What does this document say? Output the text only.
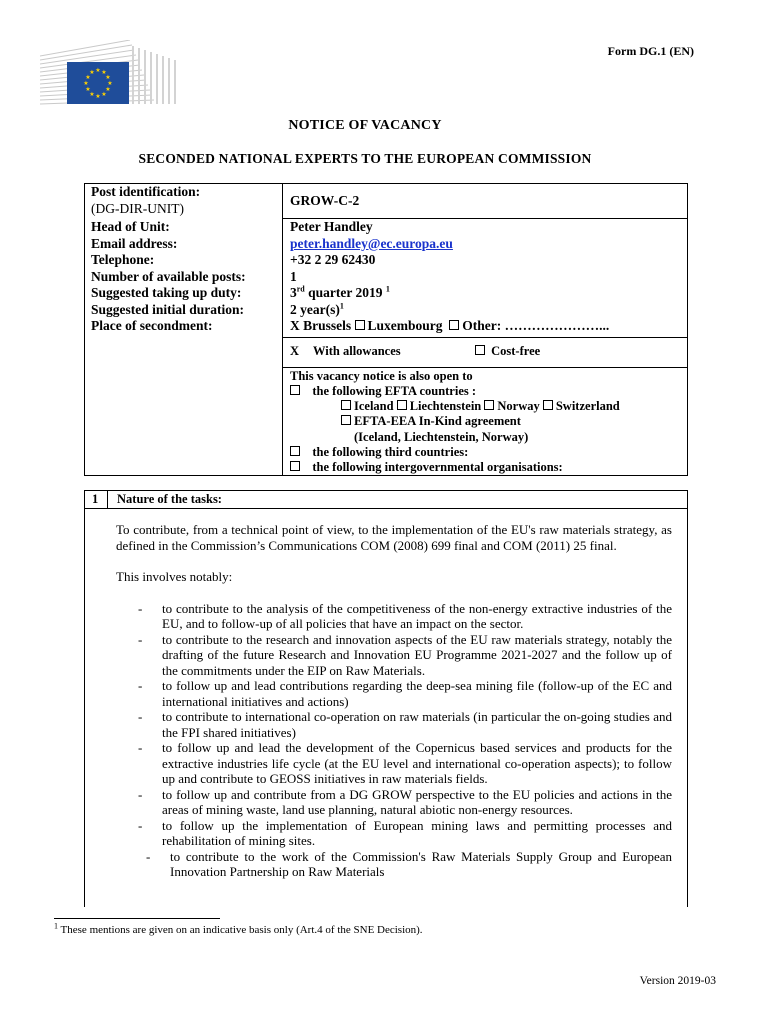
★ ★
★
★
★
★
★
★
★
★
★
★
Form DG.1 (EN)
NOTICE OF VACANCY
SECONDED NATIONAL EXPERTS TO THE EUROPEAN COMMISSION
Post identification:
(DG-DIR-UNIT)
GROW-C-2
Head of Unit:
Email address:
Telephone:
Number of available posts:
Suggested taking up duty:
Suggested initial duration:
Place of secondment:
Peter Handley
peter.handley@ec.europa.eu
+32 2 29 62430
1
3rd quarter 2019 $^1$
2 $year(s)^1$
X Brussels Luxembourg Other: …………………...
X With allowances	Cost-free
This vacancy notice is also open to
the following EFTA countries :
Iceland Liechtenstein Norway Switzerland
EFTA-EEA In-Kind agreement
(Iceland, Liechtenstein, Norway)
the following third countries:
the following intergovernmental organisations:
1 Nature of the tasks:

To contribute, from a technical point of view, to the implementation of the EU's raw materials strategy, as defined in the Commission’s Communications COM (2008) 699 final and COM (2011) 25 final.

This involves notably:

- to contribute to the analysis of the competitiveness of the non-energy extractive industries of the EU, and to follow-up of all policies that have an impact on the sector.
- to contribute to the research and innovation aspects of the EU raw materials strategy, notably the drafting of the future Research and Innovation EU Programme 2021-2027 and the follow up of the commitments under the EIP on Raw Materials.
- to follow up and lead contributions regarding the deep-sea mining file (follow-up of the EC and international initiatives and actions)
- to contribute to international co-operation on raw materials (in particular the on-going studies and the FPI shared initiatives)
- to follow up and lead the development of the Copernicus based services and products for the extractive industries life cycle (at the EU level and international co-operation aspects); to follow up and contribute to GEOSS initiatives in raw materials fields.
- to follow up and contribute from a DG GROW perspective to the EU policies and actions in the areas of mining waste, land use planning, natural abiotic non-energy resources.
- to follow up the implementation of European mining laws and permitting processes and rehabilitation of mining sites.
- to contribute to the work of the Commission's Raw Materials Supply Group and European Innovation Partnership on Raw Materials
$^1$ These mentions are given on an indicative basis only (Art.4 of the SNE Decision).
Version 2019-03
